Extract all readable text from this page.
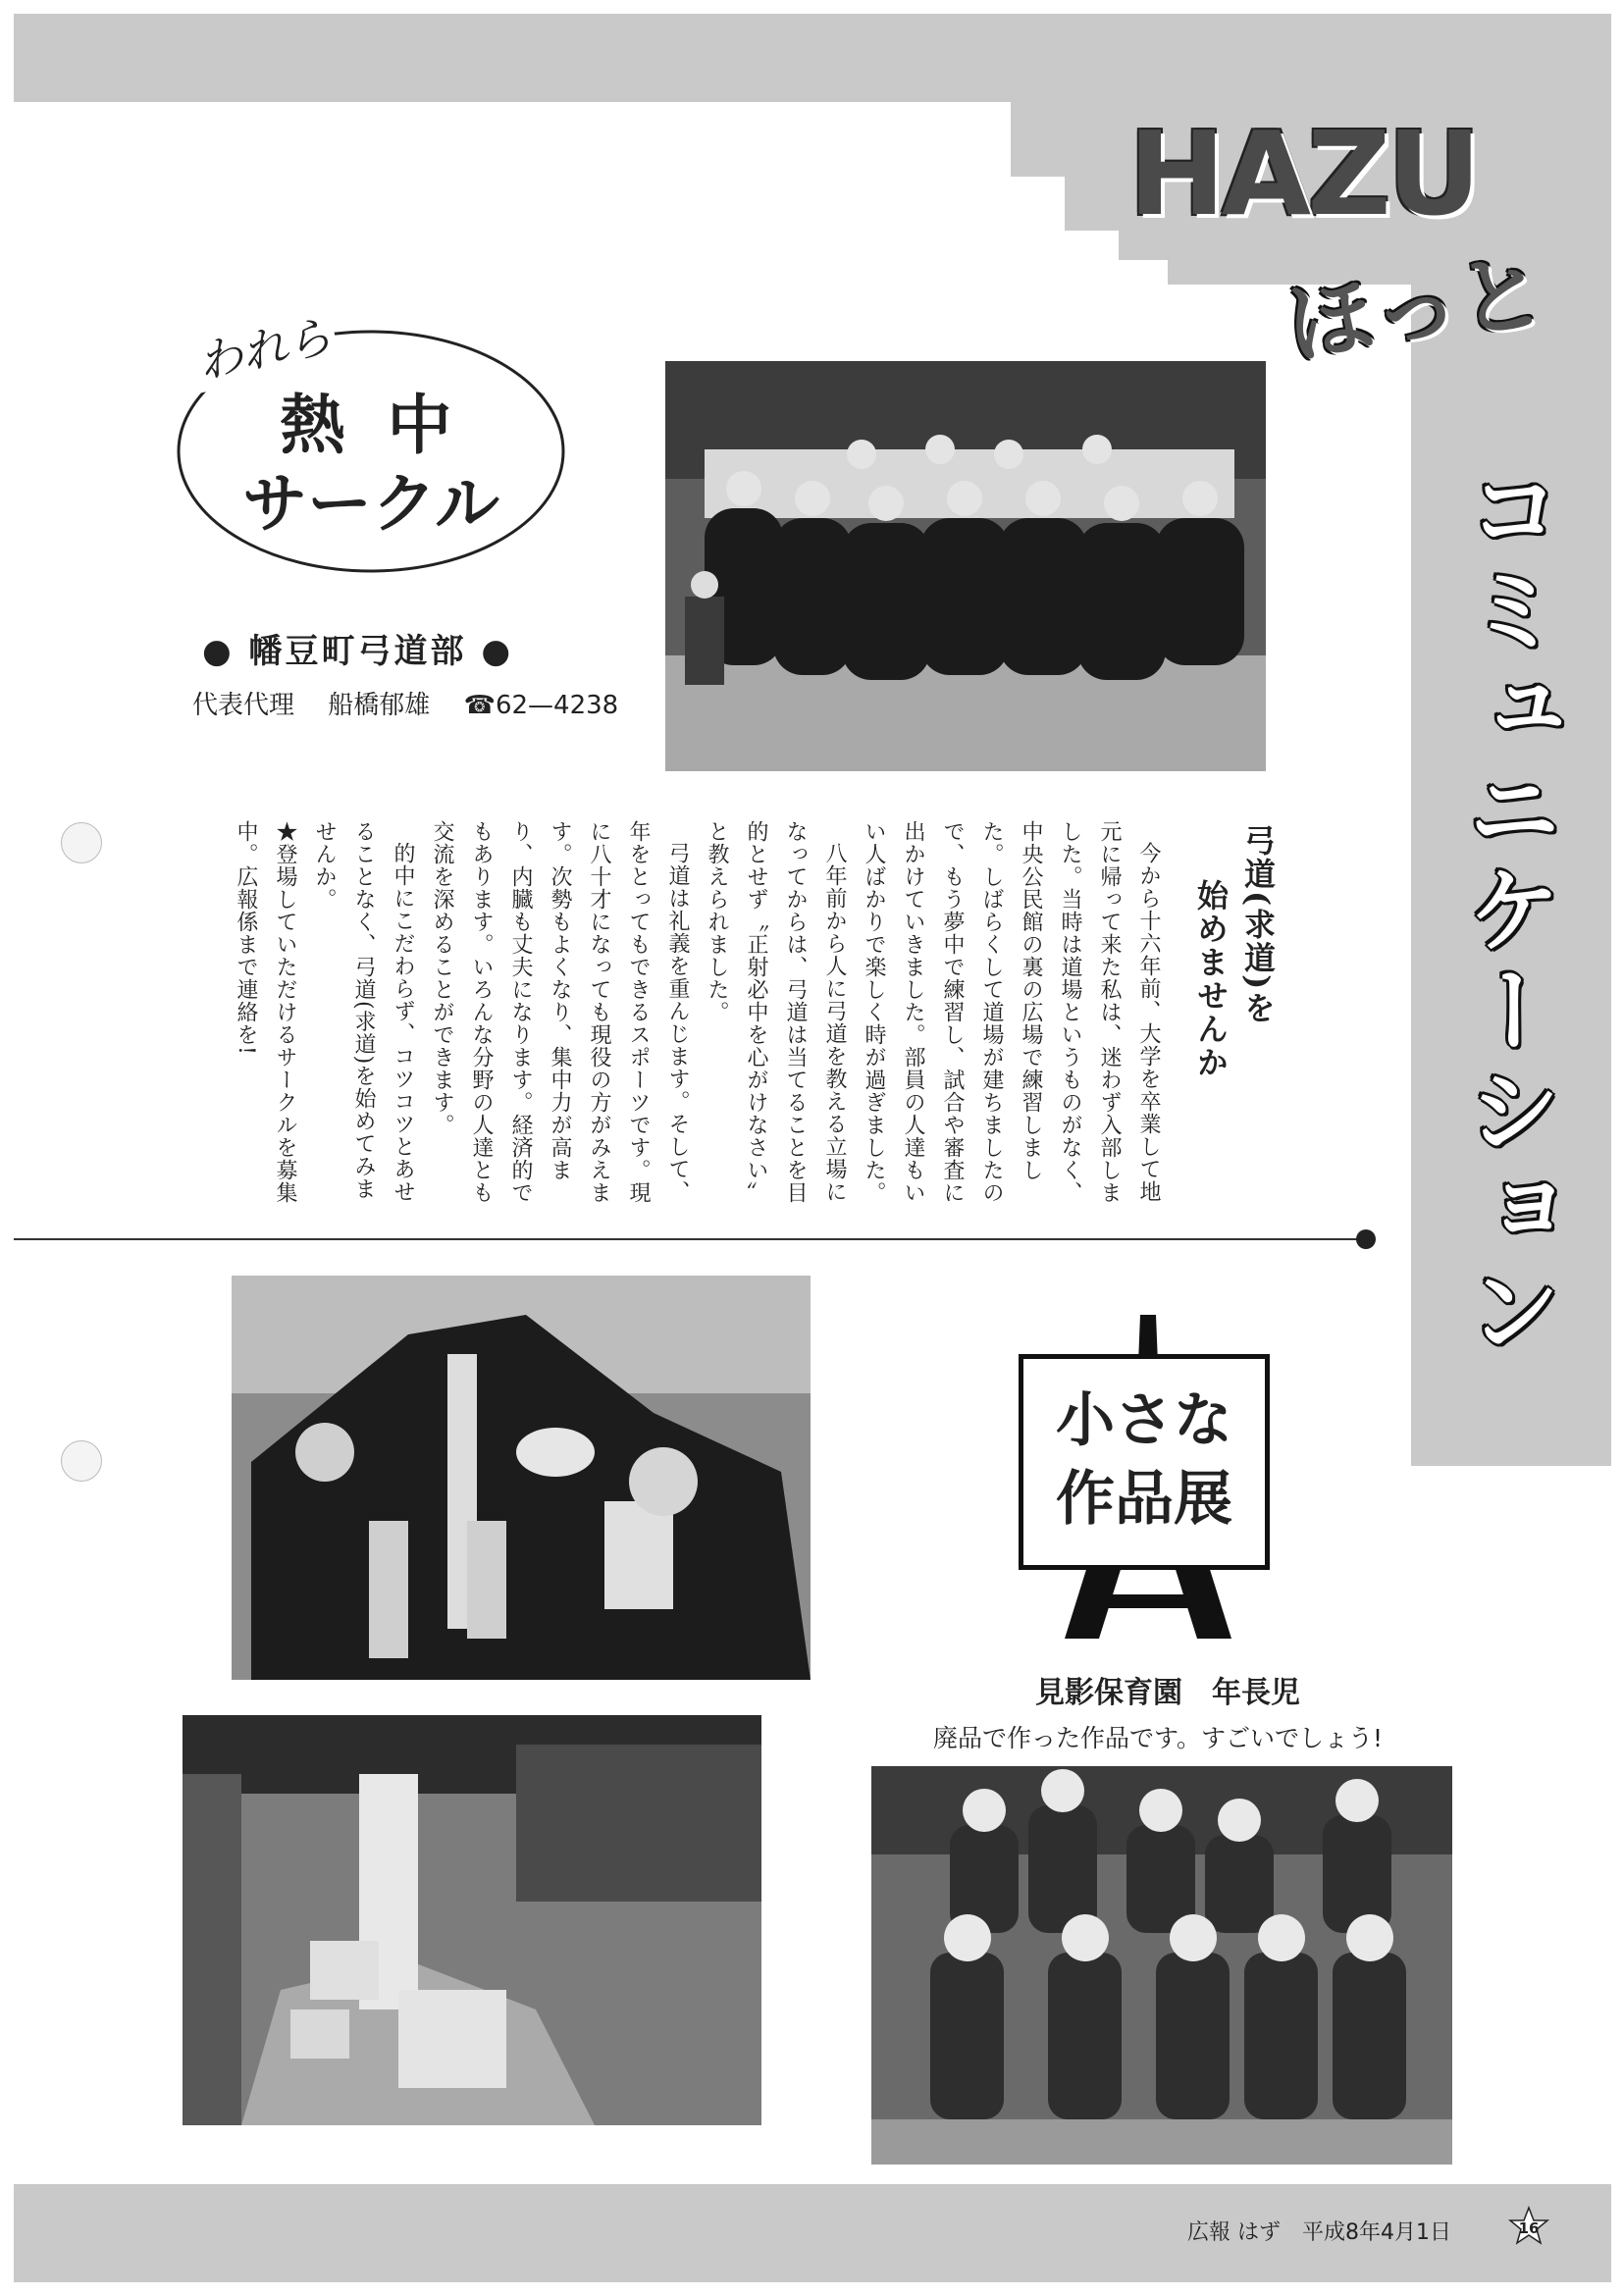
HAZU
ほっと
コミュニケーション
われら
熱 中
サークル
● 幡豆町弓道部 ●
代表代理 船橋郁雄 ☎62—4238
弓道(求道)を
始めませんか

今から十六年前、大学を卒業して地元に帰って来た私は、迷わず入部しました。当時は道場というものがなく、中央公民館の裏の広場で練習しました。しばらくして道場が建ちましたので、もう夢中で練習し、試合や審査に出かけていきました。部員の人達もいい人ばかりで楽しく時が過ぎました。

八年前から人に弓道を教える立場になってからは、弓道は当てることを目的とせず〝正射必中を心がけなさい〟と教えられました。

弓道は礼義を重んじます。そして、年をとってもできるスポーツです。現に八十才になっても現役の方がみえます。次勢もよくなり、集中力が高まり、内臓も丈夫になります。経済的でもあります。いろんな分野の人達とも交流を深めることができます。

的中にこだわらず、コツコツとあせることなく、弓道(求道)を始めてみませんか。

★登場していただけるサークルを募集中。広報係まで連絡を!

小さな
作品展
見影保育園　年長児
廃品で作った作品です。すごいでしょう!
広報 はず　平成8年4月1日	16
